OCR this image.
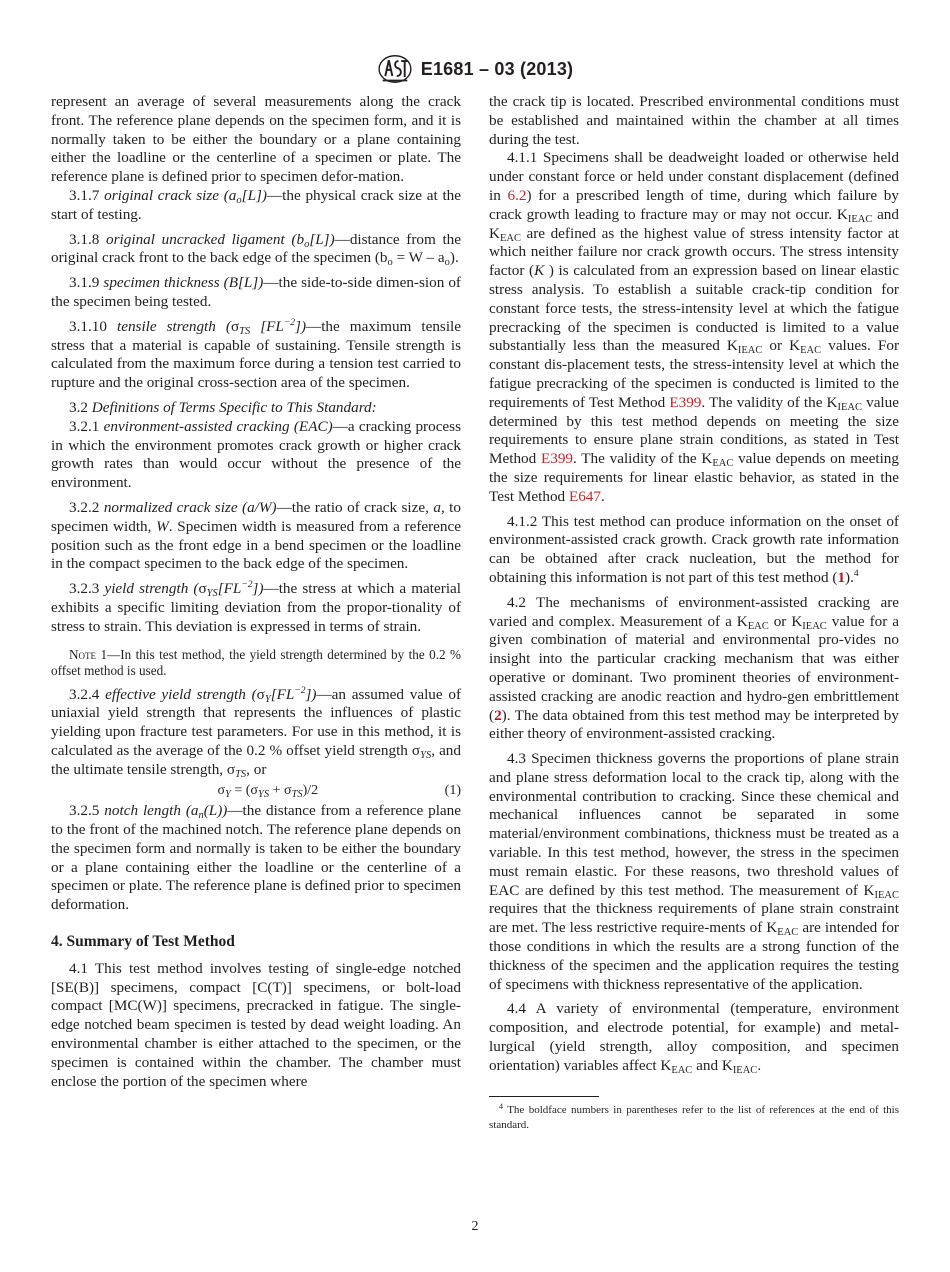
E1681 – 03 (2013)

represent an average of several measurements along the crack front. The reference plane depends on the specimen form, and it is normally taken to be either the boundary or a plane containing either the loadline or the centerline of a specimen or plate. The reference plane is defined prior to specimen defor-mation.

3.1.7 original crack size $(a_o[L])—the$ physical crack size at the start of testing.

3.1.8 original uncracked ligament $(b_o[L])—distance$ from the original crack front to the back edge of the specimen $(b_o = W - a_o)$.

3.1.9 specimen thickness (B[L])—the side-to-side dimen-sion of the specimen being tested.

3.1.10 tensile strength ($\sigma_{TS}$ $[FL^{-2}])—the$ maximum tensile stress that a material is capable of sustaining. Tensile strength is calculated from the maximum force during a tension test carried to rupture and the original cross-section area of the specimen.

3.2 Definitions of Terms Specific to This Standard:

3.2.1 environment-assisted cracking (EAC)—a cracking process in which the environment promotes crack growth or higher crack growth rates than would occur without the presence of the environment.

3.2.2 normalized crack size (a/W)—the ratio of crack size, a, to specimen width, W. Specimen width is measured from a reference position such as the front edge in a bend specimen or the loadline in the compact specimen to the back edge of the specimen.

3.2.3 yield strength $(\sigma_{YS}[FL^{-2}])—the$ stress at which a material exhibits a specific limiting deviation from the propor-tionality of stress to strain. This deviation is expressed in terms of strain.

Note 1—In this test method, the yield strength determined by the 0.2 % offset method is used.

3.2.4 effective yield strength $(\sigma_Y[FL^{-2}])—an$ assumed value of uniaxial yield strength that represents the influences of plastic yielding upon fracture test parameters. For use in this method, it is calculated as the average of the 0.2 % offset yield strength $\sigma_{YS}$, and the ultimate tensile strength, $\sigma_{TS}$, or

$\sigma_Y = (\sigma_{YS} + \sigma_{TS})/2$	(1)

3.2.5 notch length $(a_n(L))—the$ distance from a reference plane to the front of the machined notch. The reference plane depends on the specimen form and normally is taken to be either the boundary or a plane containing either the loadline or the centerline of a specimen or plate. The reference plane is defined prior to specimen deformation.

4. Summary of Test Method

4.1 This test method involves testing of single-edge notched [SE(B)] specimens, compact [C(T)] specimens, or bolt-load compact [MC(W)] specimens, precracked in fatigue. The single-edge notched beam specimen is tested by dead weight loading. An environmental chamber is either attached to the specimen, or the specimen is contained within the chamber. The chamber must enclose the portion of the specimen where

the crack tip is located. Prescribed environmental conditions must be established and maintained within the chamber at all times during the test.

4.1.1 Specimens shall be deadweight loaded or otherwise held under constant force or held under constant displacement (defined in 6.2) for a prescribed length of time, during which failure by crack growth leading to fracture may or may not occur. $K_{IEAC}$ and $K_{EAC}$ are defined as the highest value of stress intensity factor at which neither failure nor crack growth occurs. The stress intensity factor (K ) is calculated from an expression based on linear elastic stress analysis. To establish a suitable crack-tip condition for constant force tests, the stress-intensity level at which the fatigue precracking of the specimen is conducted is limited to a value substantially less than the measured $K_{IEAC}$ or $K_{EAC}$ values. For constant dis-placement tests, the stress-intensity level at which the fatigue precracking of the specimen is conducted is limited to the requirements of Test Method E399. The validity of the $K_{IEAC}$ value determined by this test method depends on meeting the size requirements to ensure plane strain conditions, as stated in Test Method E399. The validity of the $K_{EAC}$ value depends on meeting the size requirements for linear elastic behavior, as stated in the Test Method E647.

4.1.2 This test method can produce information on the onset of environment-assisted crack growth. Crack growth rate information can be obtained after crack nucleation, but the method for obtaining this information is not part of this test method (1).$^4$

4.2 The mechanisms of environment-assisted cracking are varied and complex. Measurement of a $K_{EAC}$ or $K_{IEAC}$ value for a given combination of material and environmental pro-vides no insight into the particular cracking mechanism that was either operative or dominant. Two prominent theories of environment-assisted cracking are anodic reaction and hydro-gen embrittlement (2). The data obtained from this test method may be interpreted by either theory of environment-assisted cracking.

4.3 Specimen thickness governs the proportions of plane strain and plane stress deformation local to the crack tip, along with the environmental contribution to cracking. Since these chemical and mechanical influences cannot be separated in some material/environment combinations, thickness must be treated as a variable. In this test method, however, the stress in the specimen must remain elastic. For these reasons, two threshold values of EAC are defined by this test method. The measurement of $K_{IEAC}$ requires that the thickness requirements of plane strain constraint are met. The less restrictive require-ments of $K_{EAC}$ are intended for those conditions in which the results are a strong function of the thickness of the specimen and the application requires the testing of specimens with thickness representative of the application.

4.4 A variety of environmental (temperature, environment composition, and electrode potential, for example) and metal-lurgical (yield strength, alloy composition, and specimen orientation) variables affect $K_{EAC}$ and $K_{IEAC}$.

$^4$ The boldface numbers in parentheses refer to the list of references at the end of this standard.

2
